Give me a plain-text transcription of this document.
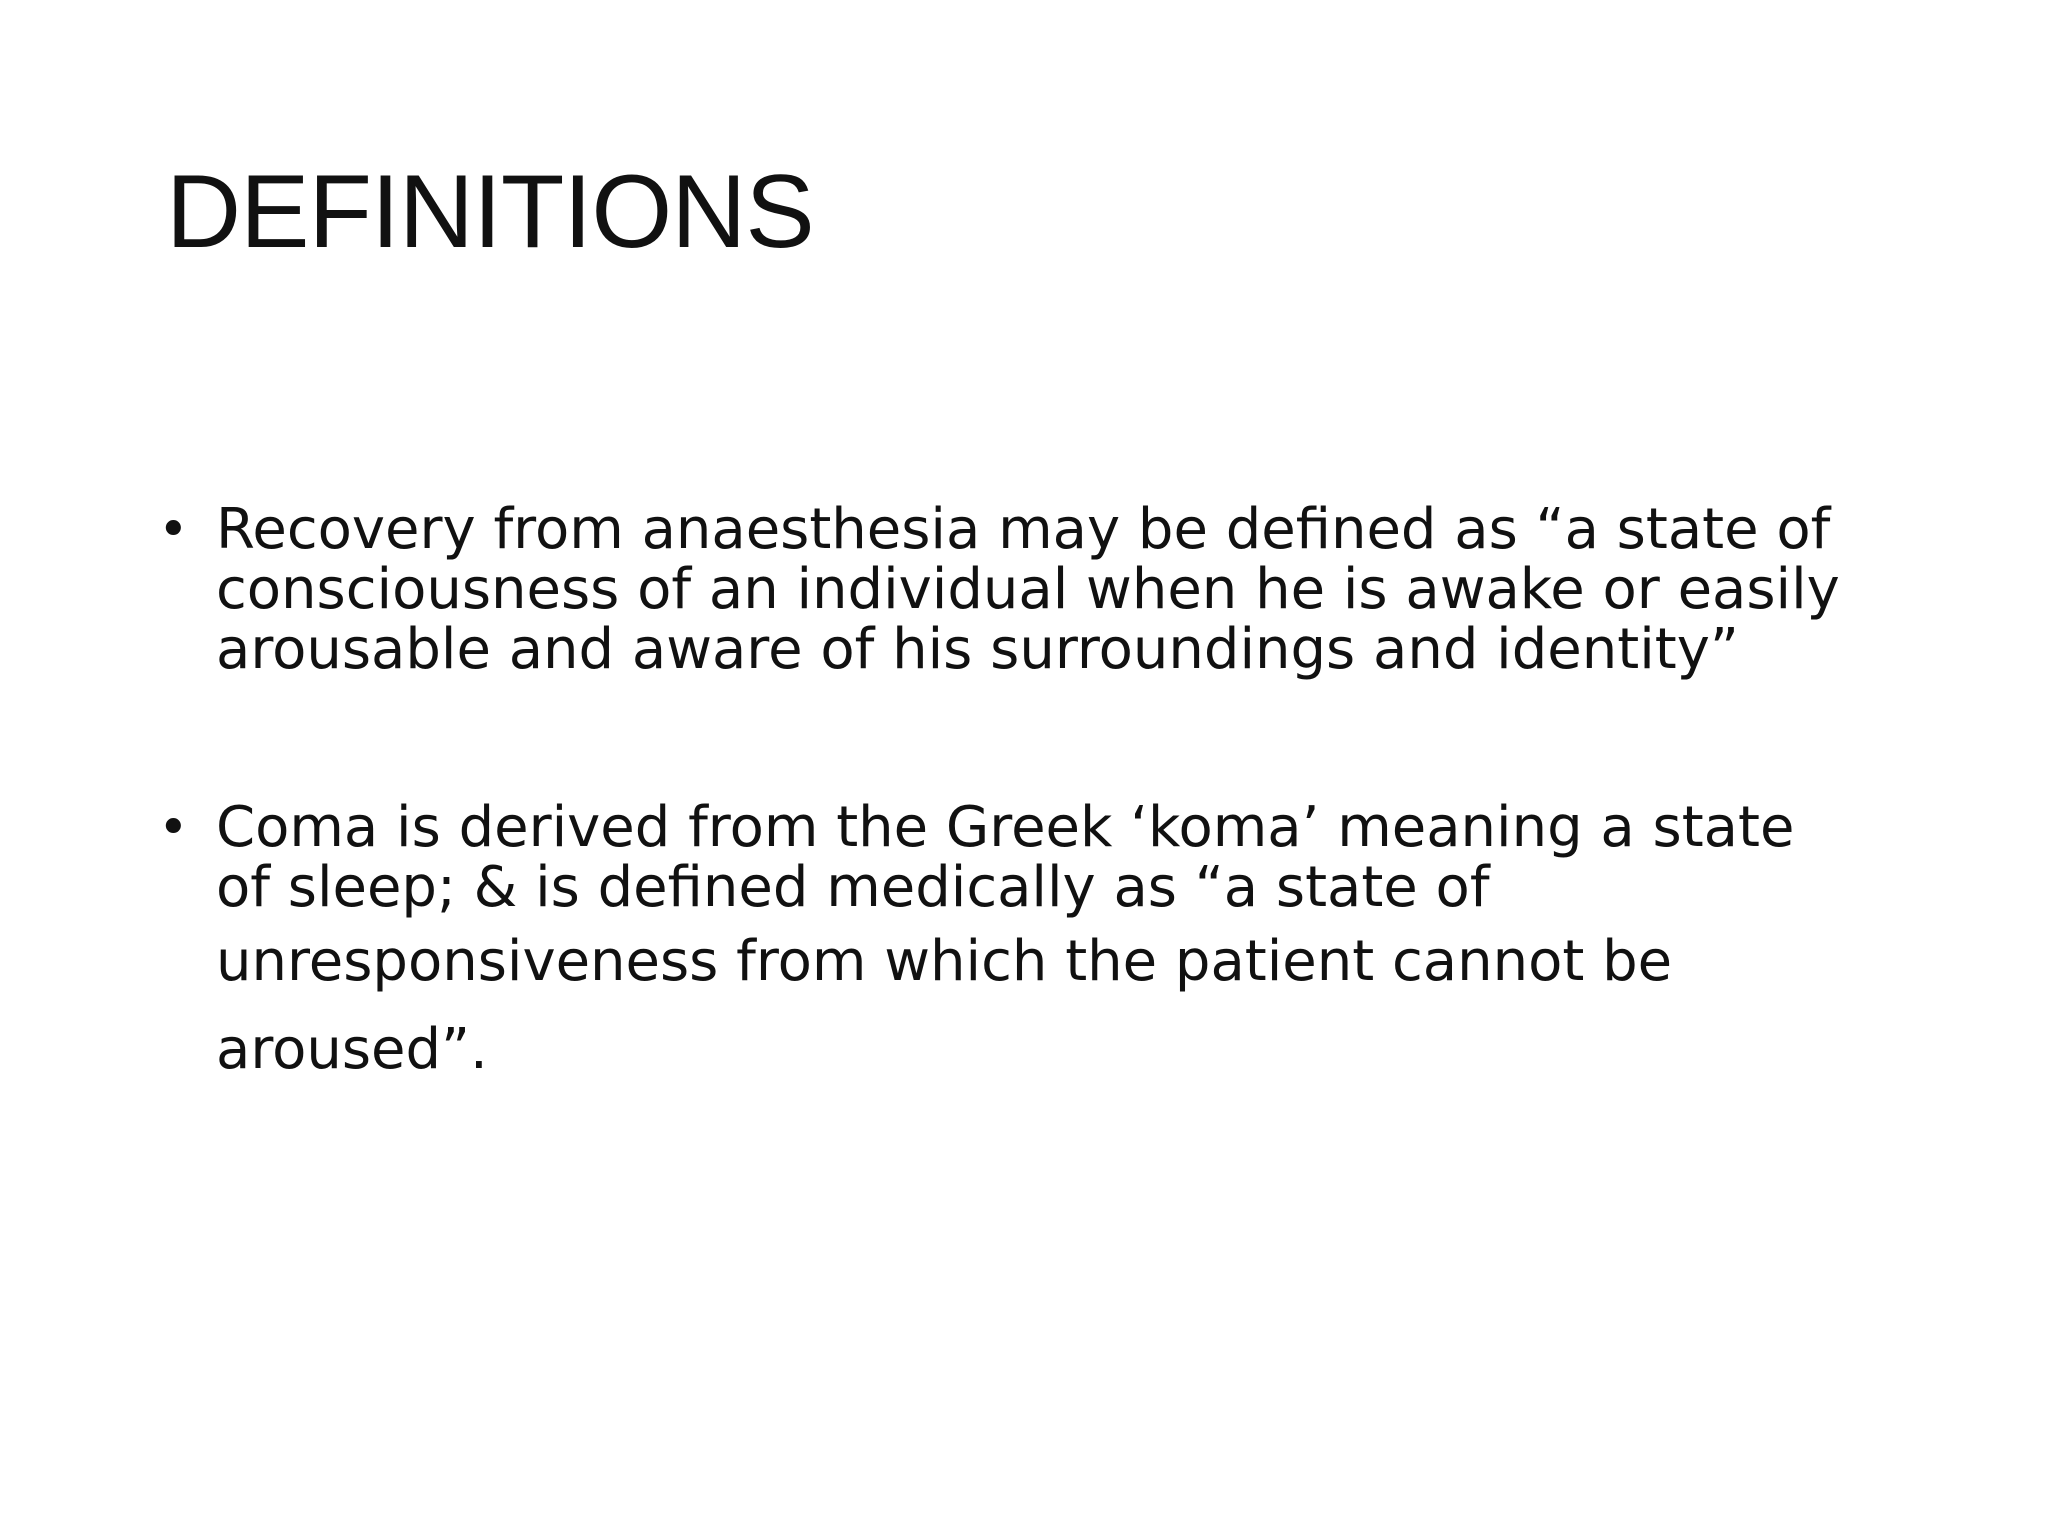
DEFINITIONS
• Recovery from anaesthesia may be defined as “a state of
consciousness of an individual when he is awake or easily
arousable and aware of his surroundings and identity”
• Coma is derived from the Greek ‘koma’ meaning a state
of sleep; & is defined medically as “a state of
unresponsiveness from which the patient cannot be
aroused”.
